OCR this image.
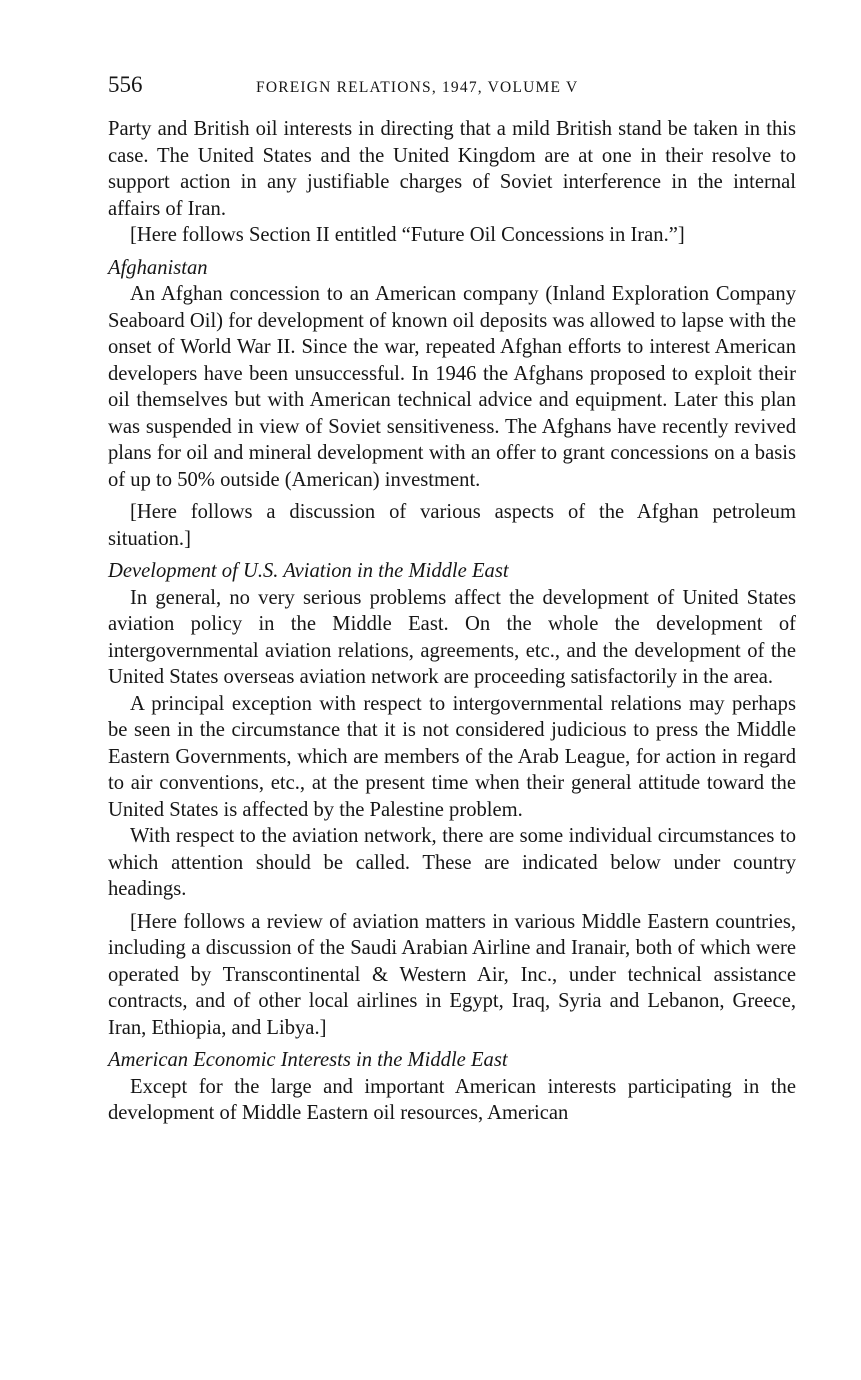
556	FOREIGN RELATIONS, 1947, VOLUME V

Party and British oil interests in directing that a mild British stand be taken in this case. The United States and the United Kingdom are at one in their resolve to support action in any justifiable charges of Soviet interference in the internal affairs of Iran.

[Here follows Section II entitled “Future Oil Concessions in Iran.”]

Afghanistan

An Afghan concession to an American company (Inland Exploration Company Seaboard Oil) for development of known oil deposits was allowed to lapse with the onset of World War II. Since the war, repeated Afghan efforts to interest American developers have been unsuccessful. In 1946 the Afghans proposed to exploit their oil themselves but with American technical advice and equipment. Later this plan was suspended in view of Soviet sensitiveness. The Afghans have recently revived plans for oil and mineral development with an offer to grant concessions on a basis of up to 50% outside (American) investment.

[Here follows a discussion of various aspects of the Afghan petroleum situation.]

Development of U.S. Aviation in the Middle East

In general, no very serious problems affect the development of United States aviation policy in the Middle East. On the whole the development of intergovernmental aviation relations, agreements, etc., and the development of the United States overseas aviation network are proceeding satisfactorily in the area.

A principal exception with respect to intergovernmental relations may perhaps be seen in the circumstance that it is not considered judicious to press the Middle Eastern Governments, which are members of the Arab League, for action in regard to air conventions, etc., at the present time when their general attitude toward the United States is affected by the Palestine problem.

With respect to the aviation network, there are some individual circumstances to which attention should be called. These are indicated below under country headings.

[Here follows a review of aviation matters in various Middle Eastern countries, including a discussion of the Saudi Arabian Airline and Iranair, both of which were operated by Transcontinental & Western Air, Inc., under technical assistance contracts, and of other local airlines in Egypt, Iraq, Syria and Lebanon, Greece, Iran, Ethiopia, and Libya.]

American Economic Interests in the Middle East

Except for the large and important American interests participating in the development of Middle Eastern oil resources, American
